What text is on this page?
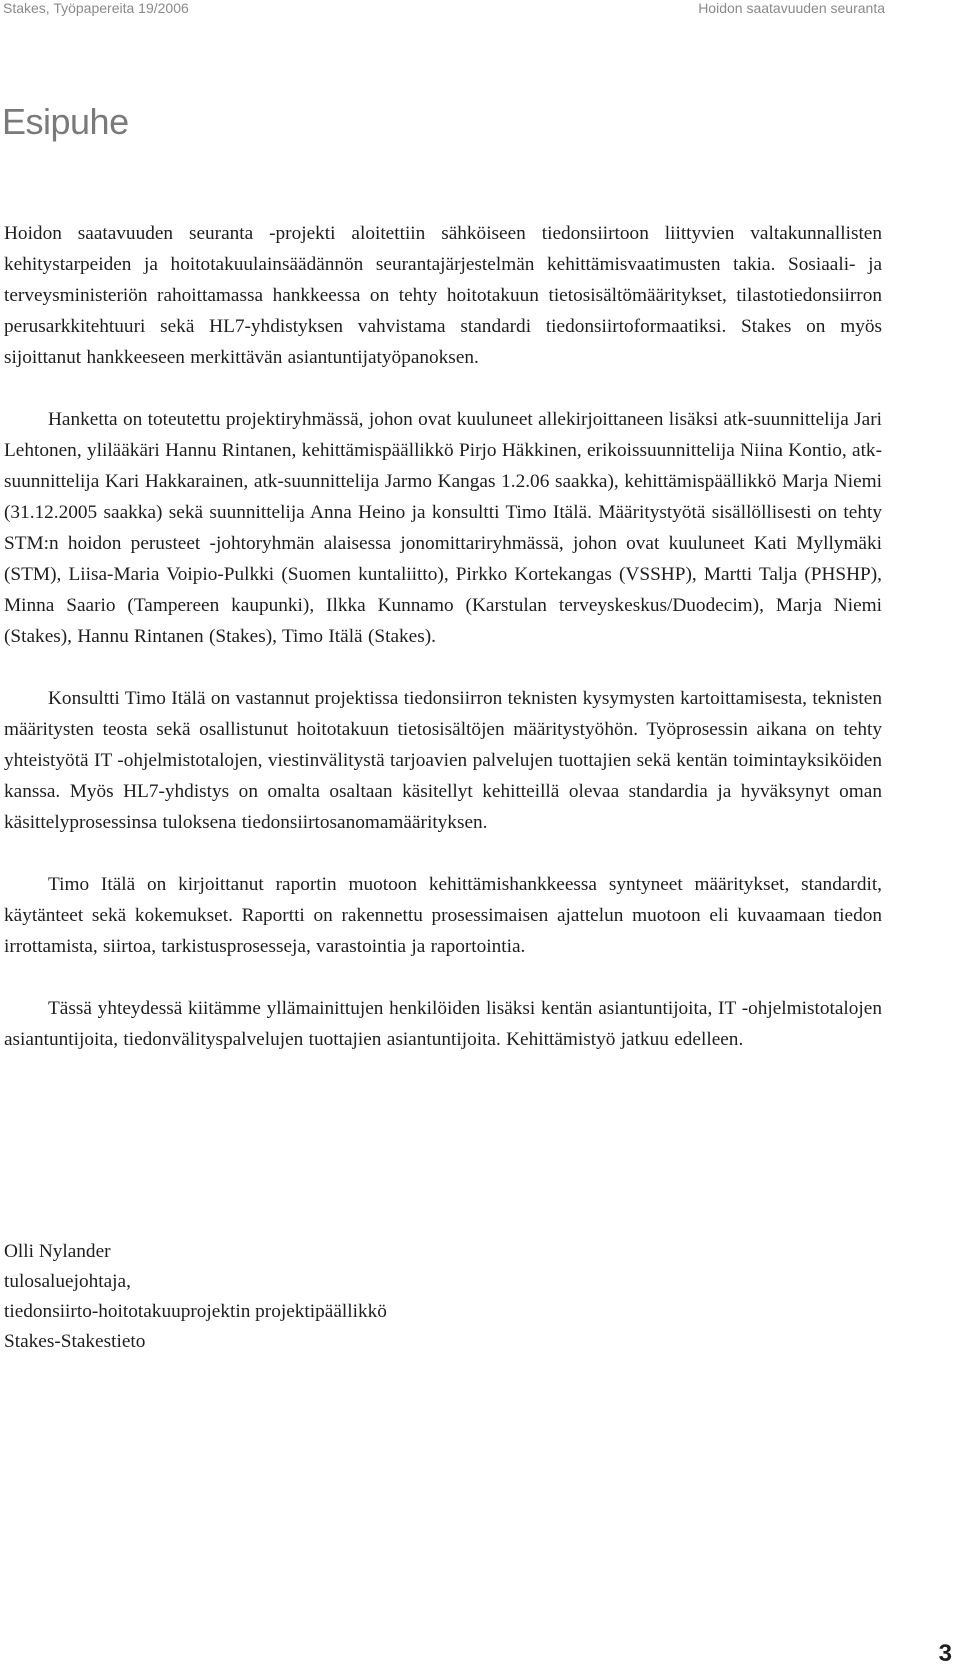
Stakes, Työpapereita 19/2006	Hoidon saatavuuden seuranta
Esipuhe

Hoidon saatavuuden seuranta -projekti aloitettiin sähköiseen tiedonsiirtoon liittyvien valtakunnallisten kehitystarpeiden ja hoitotakuulainsäädännön seurantajärjestelmän kehittämisvaatimusten takia. Sosiaali- ja terveysministeriön rahoittamassa hankkeessa on tehty hoitotakuun tietosisältömääritykset, tilastotiedonsiirron perusarkkitehtuuri sekä HL7-yhdistyksen vahvistama standardi tiedonsiirtoformaatiksi. Stakes on myös sijoittanut hankkeeseen merkittävän asiantuntijatyöpanoksen.

Hanketta on toteutettu projektiryhmässä, johon ovat kuuluneet allekirjoittaneen lisäksi atk-suunnittelija Jari Lehtonen, ylilääkäri Hannu Rintanen, kehittämispäällikkö Pirjo Häkkinen, erikoissuunnittelija Niina Kontio, atk-suunnittelija Kari Hakkarainen, atk-suunnittelija Jarmo Kangas 1.2.06 saakka), kehittämispäällikkö Marja Niemi (31.12.2005 saakka) sekä suunnittelija Anna Heino ja konsultti Timo Itälä. Määritystyötä sisällöllisesti on tehty STM:n hoidon perusteet -johtoryhmän alaisessa jonomittariryhmässä, johon ovat kuuluneet Kati Myllymäki (STM), Liisa-Maria Voipio-Pulkki (Suomen kuntaliitto), Pirkko Kortekangas (VSSHP), Martti Talja (PHSHP), Minna Saario (Tampereen kaupunki), Ilkka Kunnamo (Karstulan terveyskeskus/Duodecim), Marja Niemi (Stakes), Hannu Rintanen (Stakes), Timo Itälä (Stakes).

Konsultti Timo Itälä on vastannut projektissa tiedonsiirron teknisten kysymysten kartoittamisesta, teknisten määritysten teosta sekä osallistunut hoitotakuun tietosisältöjen määritystyöhön. Työprosessin aikana on tehty yhteistyötä IT -ohjelmistotalojen, viestinvälitystä tarjoavien palvelujen tuottajien sekä kentän toimintayksiköiden kanssa. Myös HL7-yhdistys on omalta osaltaan käsitellyt kehitteillä olevaa standardia ja hyväksynyt oman käsittelyprosessinsa tuloksena tiedonsiirtosanomamäärityksen.

Timo Itälä on kirjoittanut raportin muotoon kehittämishankkeessa syntyneet määritykset, standardit, käytänteet sekä kokemukset. Raportti on rakennettu prosessimaisen ajattelun muotoon eli kuvaamaan tiedon irrottamista, siirtoa, tarkistusprosesseja, varastointia ja raportointia.

Tässä yhteydessä kiitämme yllämainittujen henkilöiden lisäksi kentän asiantuntijoita, IT -ohjelmistotalojen asiantuntijoita, tiedonvälityspalvelujen tuottajien asiantuntijoita. Kehittämistyö jatkuu edelleen.

Olli Nylander
tulosaluejohtaja,
tiedonsiirto-hoitotakuuprojektin projektipäällikkö
Stakes-Stakestieto
3
